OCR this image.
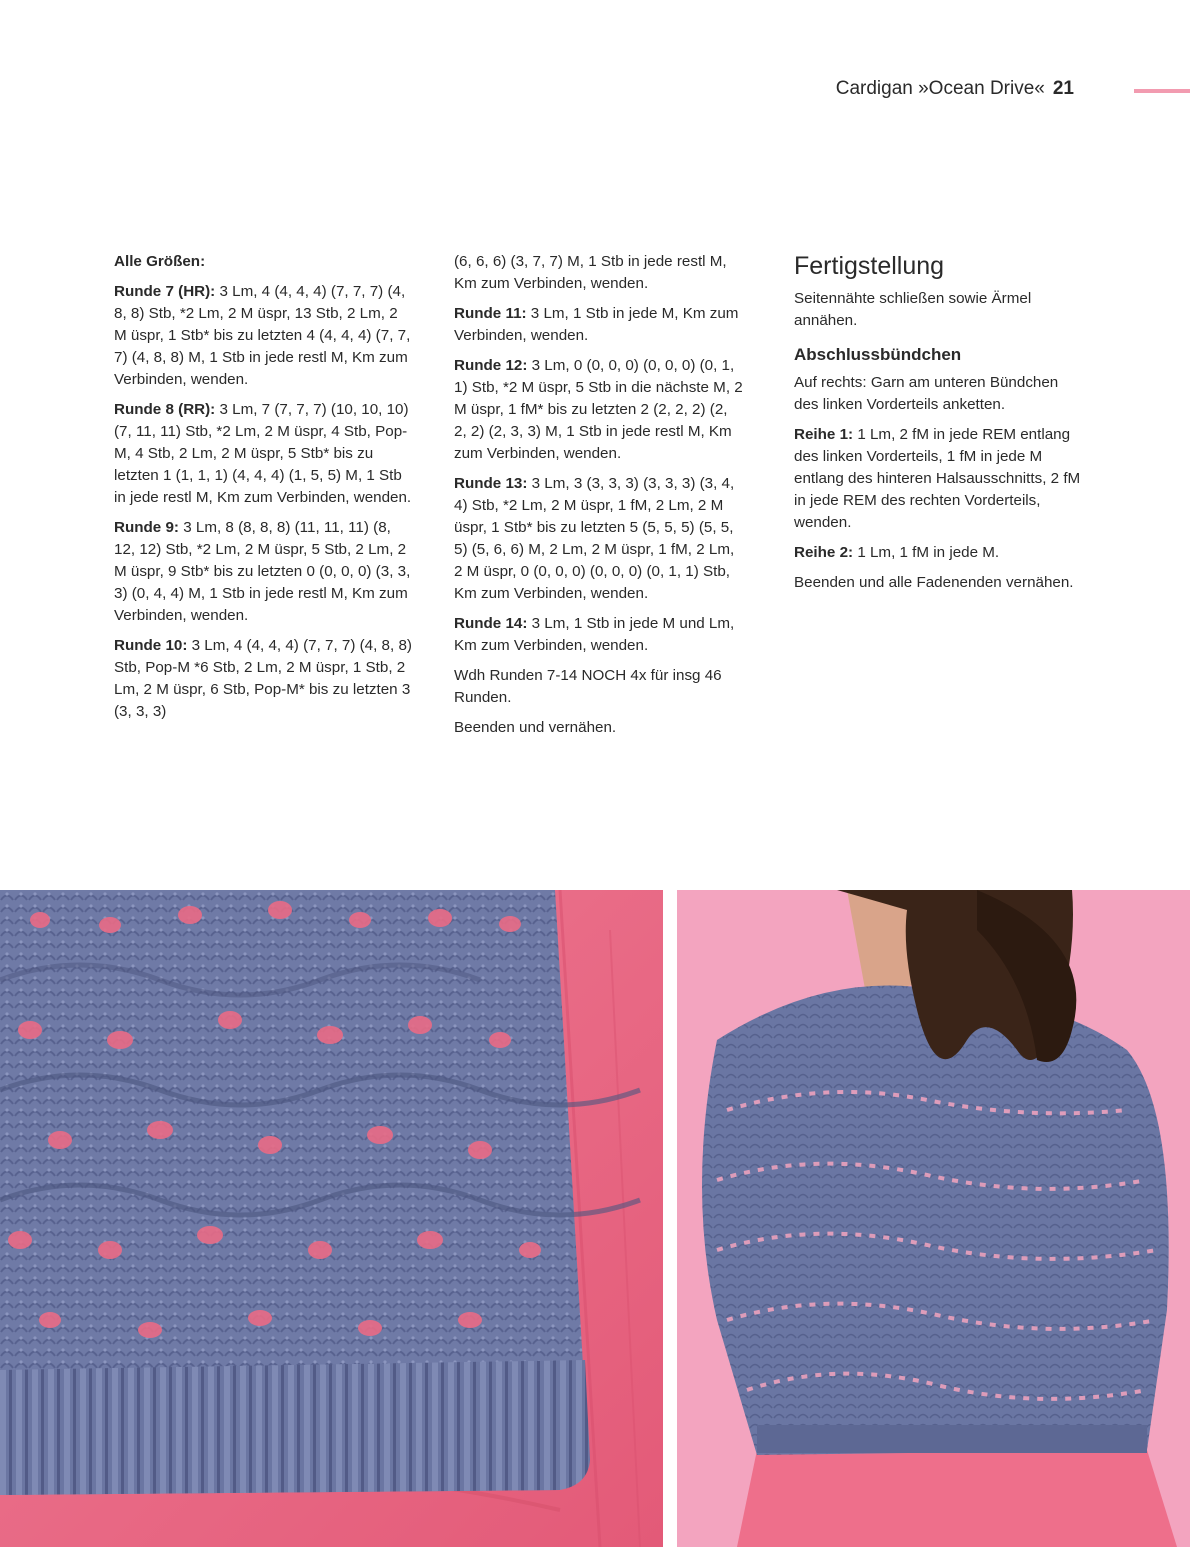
Cardigan »Ocean Drive« 21

Alle Größen:

Runde 7 (HR): 3 Lm, 4 (4, 4, 4) (7, 7, 7) (4, 8, 8) Stb, *2 Lm, 2 M üspr, 13 Stb, 2 Lm, 2 M üspr, 1 Stb* bis zu letzten 4 (4, 4, 4) (7, 7, 7) (4, 8, 8) M, 1 Stb in jede restl M, Km zum Verbinden, wenden.

Runde 8 (RR): 3 Lm, 7 (7, 7, 7) (10, 10, 10) (7, 11, 11) Stb, *2 Lm, 2 M üspr, 4 Stb, Pop-M, 4 Stb, 2 Lm, 2 M üspr, 5 Stb* bis zu letzten 1 (1, 1, 1) (4, 4, 4) (1, 5, 5) M, 1 Stb in jede restl M, Km zum Verbinden, wenden.

Runde 9: 3 Lm, 8 (8, 8, 8) (11, 11, 11) (8, 12, 12) Stb, *2 Lm, 2 M üspr, 5 Stb, 2 Lm, 2 M üspr, 9 Stb* bis zu letzten 0 (0, 0, 0) (3, 3, 3) (0, 4, 4) M, 1 Stb in jede restl M, Km zum Verbinden, wenden.

Runde 10: 3 Lm, 4 (4, 4, 4) (7, 7, 7) (4, 8, 8) Stb, Pop-M *6 Stb, 2 Lm, 2 M üspr, 1 Stb, 2 Lm, 2 M üspr, 6 Stb, Pop-M* bis zu letzten 3 (3, 3, 3)

(6, 6, 6) (3, 7, 7) M, 1 Stb in jede restl M, Km zum Verbinden, wenden.

Runde 11: 3 Lm, 1 Stb in jede M, Km zum Verbinden, wenden.

Runde 12: 3 Lm, 0 (0, 0, 0) (0, 0, 0) (0, 1, 1) Stb, *2 M üspr, 5 Stb in die nächste M, 2 M üspr, 1 fM* bis zu letzten 2 (2, 2, 2) (2, 2, 2) (2, 3, 3) M, 1 Stb in jede restl M, Km zum Verbinden, wenden.

Runde 13: 3 Lm, 3 (3, 3, 3) (3, 3, 3) (3, 4, 4) Stb, *2 Lm, 2 M üspr, 1 fM, 2 Lm, 2 M üspr, 1 Stb* bis zu letzten 5 (5, 5, 5) (5, 5, 5) (5, 6, 6) M, 2 Lm, 2 M üspr, 1 fM, 2 Lm, 2 M üspr, 0 (0, 0, 0) (0, 0, 0) (0, 1, 1) Stb, Km zum Verbinden, wenden.

Runde 14: 3 Lm, 1 Stb in jede M und Lm, Km zum Verbinden, wenden.

Wdh Runden 7-14 NOCH 4x für insg 46 Runden.

Beenden und vernähen.

Fertigstellung

Seitennähte schließen sowie Ärmel annähen.

Abschlussbündchen

Auf rechts: Garn am unteren Bündchen des linken Vorderteils anketten.

Reihe 1: 1 Lm, 2 fM in jede REM entlang des linken Vorderteils, 1 fM in jede M entlang des hinteren Halsausschnitts, 2 fM in jede REM des rechten Vorderteils, wenden.

Reihe 2: 1 Lm, 1 fM in jede M.

Beenden und alle Fadenenden vernähen.
